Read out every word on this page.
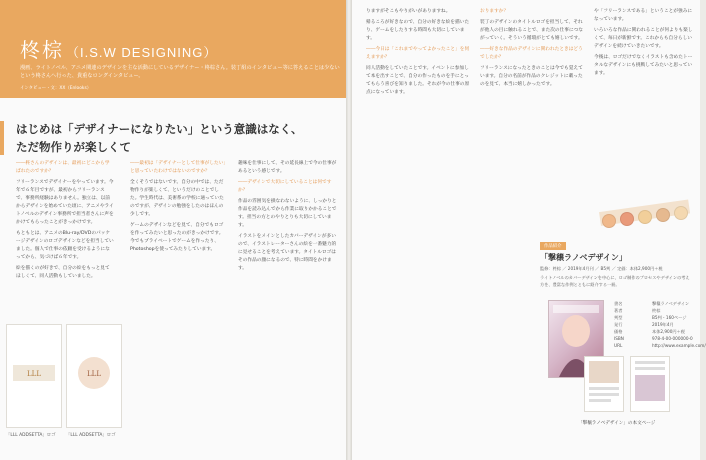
柊棕 （I.S.W DESIGNING）
漫画、ライトノベル、アニメ関連のデザインを主な活動にしているデザイナー・柊棕さん。装丁組のインタビュー等に答えることは少ないという柊さんへ行った、貴重なロングインタビュー。
インタビュー・文：XX（Enlooks）
はじめは「デザイナーになりたい」という意識はなく、
ただ物作りが楽しくて

――柊さんのデザインは、最初にどこから学ばれたのですか？

フリーランスでデザイナーをやっています。今年で６年目ですが、最初からフリーランスで、事務所経験はありません。独立は、以前からデザインを始めていた頃に、アニメやライトノベルのデザイン事務所で担当者さんに声をかけてもらったことがきっかけです。

もともとは、アニメのBlu-ray/DVDのパッケージデザインのロゴデザインなどを担当していました。個人で仕事の依頼を受けるようになってから、気づけば６年です。

絵を描くのが好きで、自分の絵をもっと見てほしくて、同人活動もしていました。

――最初は「デザイナーとして仕事がしたい」と思っていたわけではないのですか？

全くそうではないです。自分の中では、ただ物作りが楽しくて、というだけのことでした。学生時代は、美術系の学校に通っていたのですが、デザインの勉強をしたのはほんの少しです。

ゲームのデザインなどを見て、自分でもロゴを作ってみたいと思ったのがきっかけです。今でもプライベートでゲームを作ったり、Photoshopを使ってみたりしています。

趣味を仕事にして、その延長線上で今の仕事があるという感じです。

――デザインで大切にしていることは何ですか？

作品の雰囲気を損なわないように、しっかりと作品を読み込んでから作業に取りかかることです。担当の方とのやりとりも大切にしています。

イラストをメインとしたカバーデザインが多いので、イラストレーターさんの絵を一番魅力的に見せることを考えています。タイトルロゴはその作品の顔になるので、特に時間をかけます。

LLL	LLL
「LLL ADDSETTA」ロゴ 「LLL ADDSETTA」ロゴ

りますがそこもやりがいがありますね。

帰るころが好きなので、自分の好きな絵を描いたり、ゲームをしたりする時間も大切にしています。

――今日は「これまでやってよかったこと」を伺えますか？

同人活動をしていたことです。イベントに参加して本を出すことで、自分の作ったものを手にとってもらう喜びを知りました。それが今の仕事の原点になっています。

おりますか？

装丁のデザインのタイトルロゴを担当して、それが他人の目に触れることで、また次の仕事につながっていく。そういう循環がとても嬉しいです。

――好きな作品のデザインに関われたときはどうでしたか？

フリーランスになったときのことは今でも覚えています。自分の名前が作品のクレジットに載ったのを見て、本当に嬉しかったです。

や「フリーランスである」ということが強みになっています。

いろいろな作品に関われることが何よりも楽しくて、毎日が新鮮です。これからも自分らしいデザインを続けていきたいです。

今後は、ロゴだけでなくイラストも含めたトータルなデザインにも挑戦してみたいと思っています。

作品紹介
「撃穣ラノベデザイン」
監修：柊棕 ／ 2019年4月刊 ／ B5判 ／ 定価：本体2,900円＋税
ライトノベルのカバーデザインを中心に、ロゴ制作のプロセスやデザインの考え方を、豊富な作例とともに紹介する一冊。
書名	撃穣ラノベデザイン
著者	柊棕
判型	B5判・160ページ
発行	2019年4月
価格	本体2,900円＋税
ISBN	978-4-00-000000-0
URL	http://www.example.com/
「撃穣ラノベデザイン」の本文ページ
